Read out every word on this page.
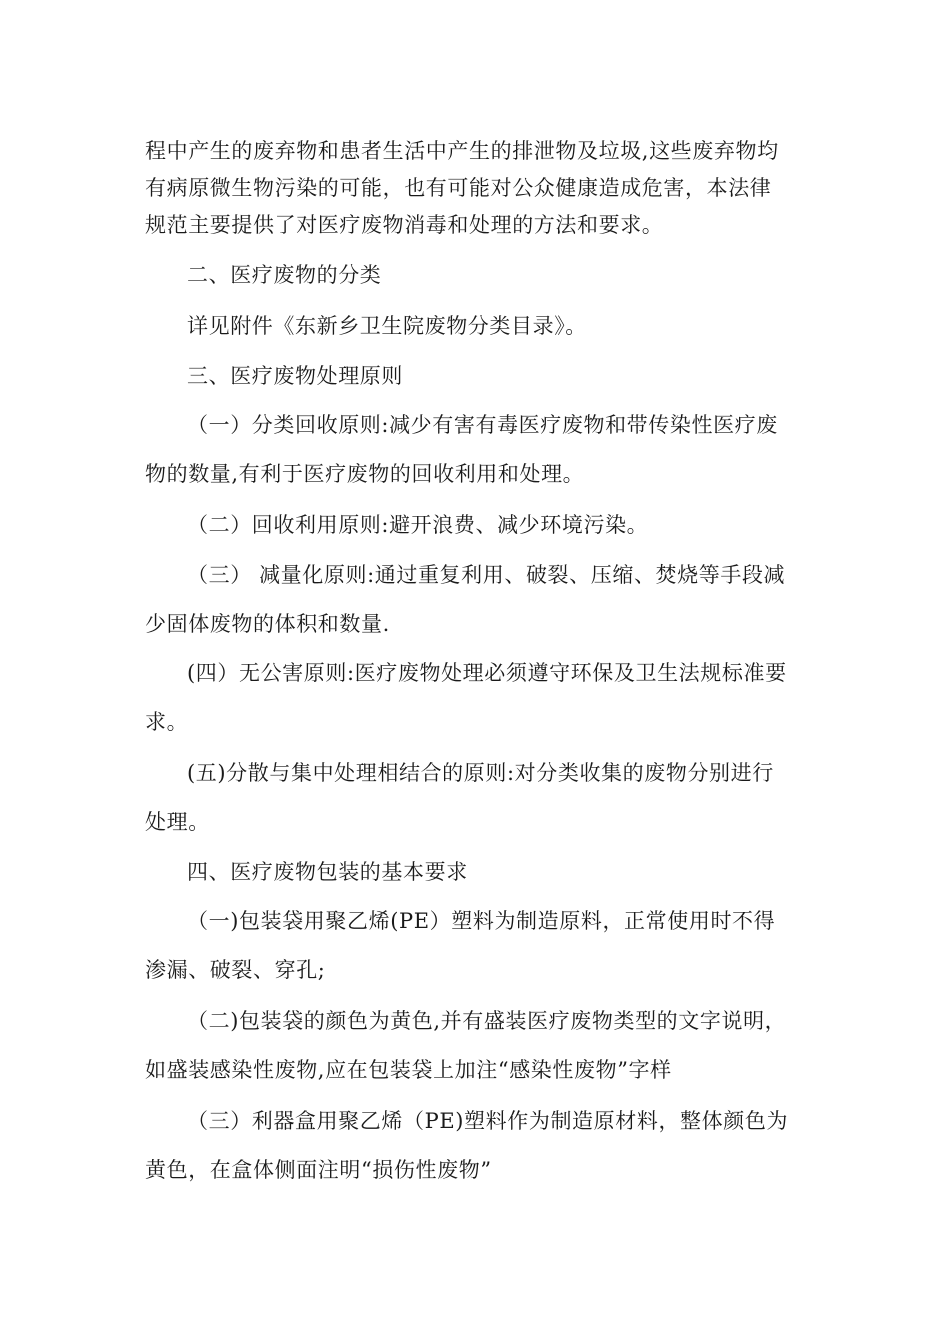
程中产生的废弃物和患者生活中产生的排泄物及垃圾,这些废弃物均
有病原微生物污染的可能，也有可能对公众健康造成危害，本法律
规范主要提供了对医疗废物消毒和处理的方法和要求。
二、医疗废物的分类
详见附件《东新乡卫生院废物分类目录》。
三、医疗废物处理原则
（一）分类回收原则:减少有害有毒医疗废物和带传染性医疗废
物的数量,有利于医疗废物的回收利用和处理。
（二）回收利用原则:避开浪费、减少环境污染。
（三） 减量化原则:通过重复利用、破裂、压缩、焚烧等手段减
少固体废物的体积和数量.
(四）无公害原则:医疗废物处理必须遵守环保及卫生法规标准要
求。
(五)分散与集中处理相结合的原则:对分类收集的废物分别进行
处理。
四、医疗废物包装的基本要求
（一)包装袋用聚乙烯(PE）塑料为制造原料，正常使用时不得
渗漏、破裂、穿孔;
（二)包装袋的颜色为黄色,并有盛装医疗废物类型的文字说明，
如盛装感染性废物,应在包装袋上加注“感染性废物”字样
（三）利器盒用聚乙烯（PE)塑料作为制造原材料，整体颜色为
黄色，在盒体侧面注明“损伤性废物”
